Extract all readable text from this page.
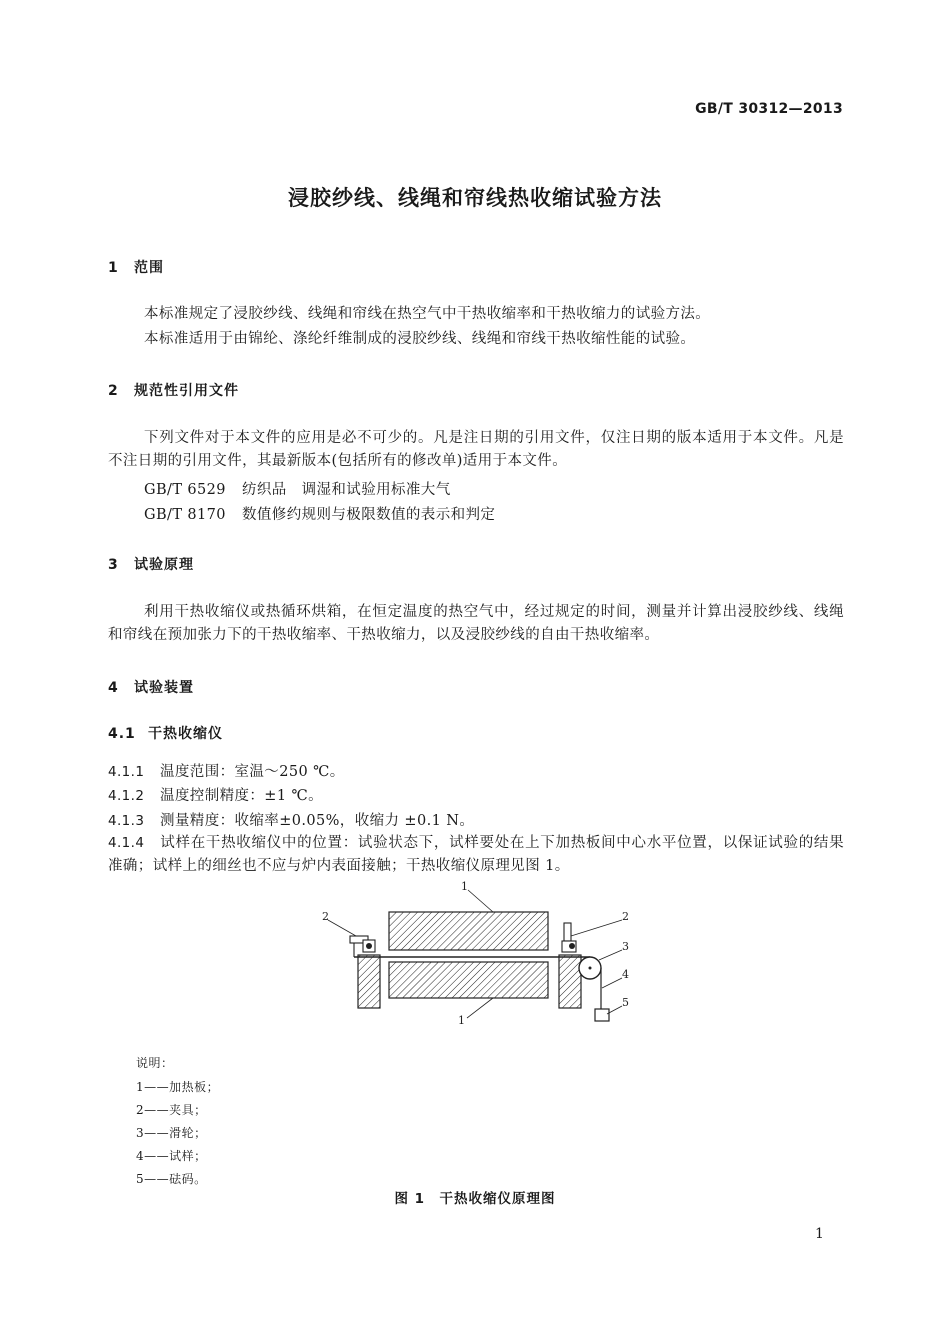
GB/T 30312—2013
浸胶纱线、线绳和帘线热收缩试验方法
1 范围
本标准规定了浸胶纱线、线绳和帘线在热空气中干热收缩率和干热收缩力的试验方法。
本标准适用于由锦纶、涤纶纤维制成的浸胶纱线、线绳和帘线干热收缩性能的试验。
2 规范性引用文件
下列文件对于本文件的应用是必不可少的。凡是注日期的引用文件，仅注日期的版本适用于本文件。凡是不注日期的引用文件，其最新版本(包括所有的修改单)适用于本文件。
GB/T 6529 纺织品　调湿和试验用标准大气
GB/T 8170 数值修约规则与极限数值的表示和判定
3 试验原理
利用干热收缩仪或热循环烘箱，在恒定温度的热空气中，经过规定的时间，测量并计算出浸胶纱线、线绳和帘线在预加张力下的干热收缩率、干热收缩力，以及浸胶纱线的自由干热收缩率。
4 试验装置
4.1 干热收缩仪
4.1.1 温度范围：室温～250 ℃。
4.1.2 温度控制精度：±1 ℃。
4.1.3 测量精度：收缩率±0.05%，收缩力 ±0.1 N。
4.1.4 试样在干热收缩仪中的位置：试验状态下，试样要处在上下加热板间中心水平位置，以保证试验的结果准确；试样上的细丝也不应与炉内表面接触；干热收缩仪原理见图 1。
1
2	2
3
4
5
1
说明：
1——加热板；
2——夹具；
3——滑轮；
4——试样；
5——砝码。
图 1　干热收缩仪原理图
1
